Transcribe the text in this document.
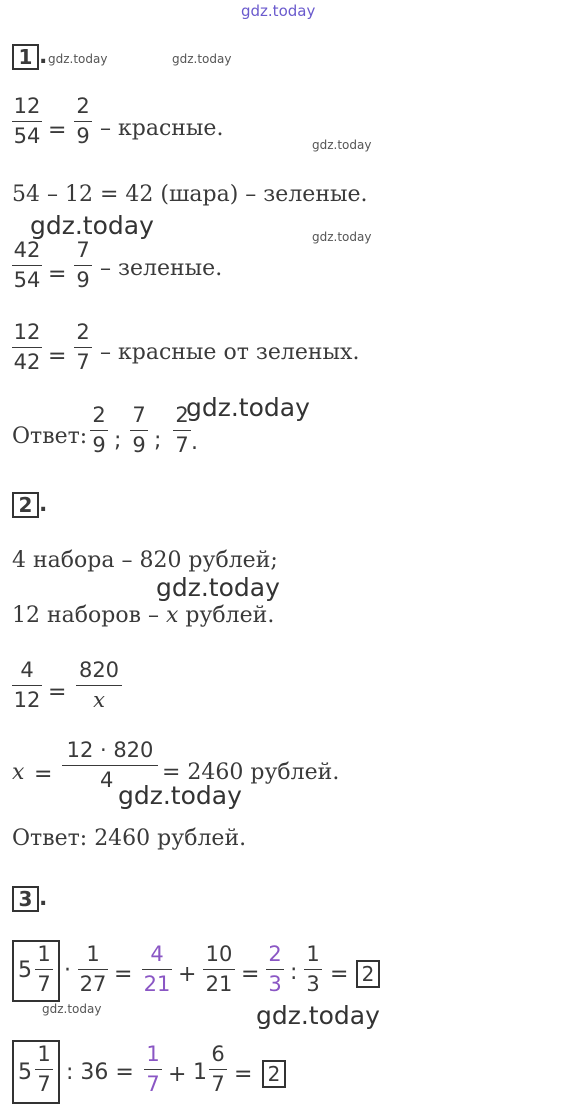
gdz.today
gdz.today	gdz.today
gdz.today
gdz.today	gdz.today
gdz.today
gdz.today
gdz.today
gdz.today	gdz.today
1 .
12
54 =
2
9 – красные.
54 – 12 = 42 (шара) – зеленые.
42
54 =
7
9 – зеленые.
12
42 =
2
7 – красные от зеленых.
Ответ:
2
9 ;
7
9 ;
2
7 .
2 .
4 набора – 820 рублей;
12 наборов – x рублей.
4
12 =
820
x
x =
12 · 820
4	= 2460 рублей.
Ответ: 2460 рублей.
3 .
5
1
7
·
1
27 =
4
21 +
10
21 =
2
3 :
1
3 = 2
5
1
7 : 36 =
1
7 + 1
6
7 = 2
